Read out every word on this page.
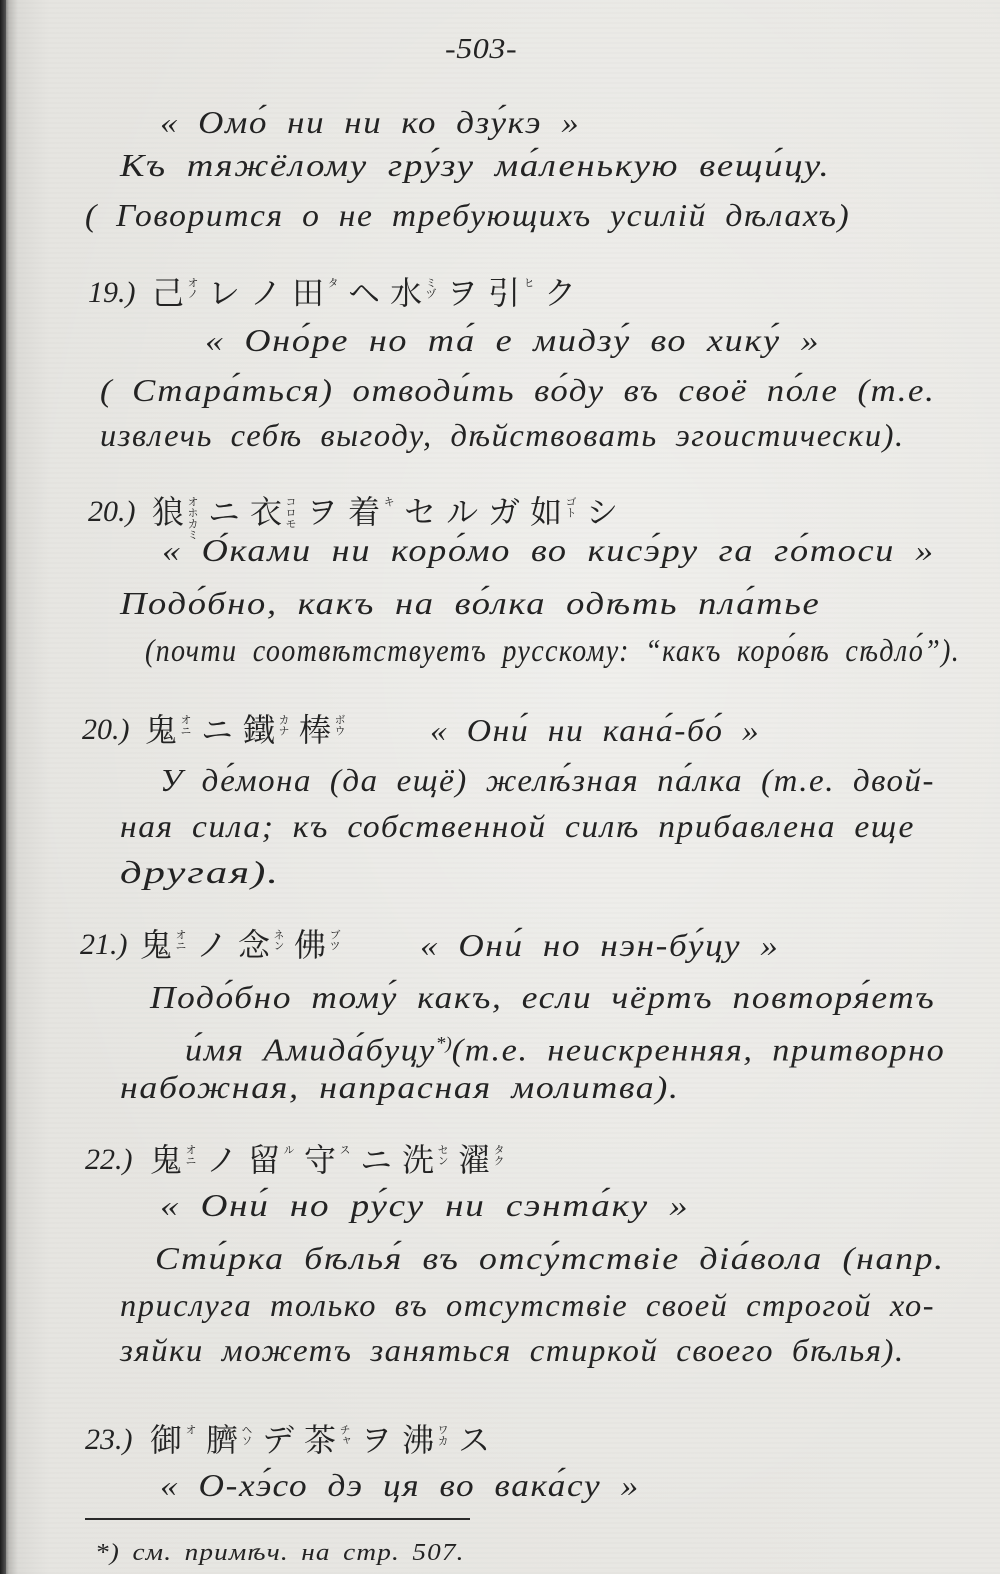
-503-
« Омо́ ни ни ко дзу́кэ »
Къ тяжёлому гру́зу ма́ленькую вещи́цу.
( Говорится о не требующихъ усилій дѣлахъ)
19.) 己 オノ レ ノ 田 タ ヘ 水 ミヅ ヲ 引 ヒ ク
« Оно́ре но та́ е мидзу́ во хику́ »
( Стара́ться) отводи́ть во́ду въ своё по́ле (т.е.
извлечь себѣ выгоду, дѣйствовать эгоистически).
20.) 狼 オホカミ ニ 衣 コロモ ヲ 着 キ セ ル ガ 如 ゴト シ
« О́ками ни коро́мо во кисэ́ру га го́тоси »
Подо́бно, какъ на во́лка одѣть пла́тье
(почти соотвѣтствуетъ русскому: “какъ коро́вѣ сѣдло́”).
20.) 鬼 オニ ニ 鐵 カナ 棒 ボウ	« Они́ ни кана́-бо́ »
У де́мона (да ещё) желѣ́зная па́лка (т.е. двой-
ная сила; къ собственной силѣ прибавлена еще
другая).
21.) 鬼 オニ ノ 念 ネン 佛 ブツ « Они́ но нэн-бу́цу »
Подо́бно тому́ какъ, если чёртъ повторя́етъ
и́мя Амида́буцу*)(т.е. неискренняя, притворно
набожная, напрасная молитва).
22.) 鬼 オニ ノ 留 ル 守 ス ニ 洗 セン 濯 タク
« Они́ но ру́су ни сэнта́ку »
Сти́рка бѣлья́ въ отсу́тствіе діа́вола (напр.
прислуга только въ отсутствіе своей строгой хо-
зяйки можетъ заняться стиркой своего бѣлья).
23.) 御 オ 臍 ヘソ デ 茶 チャ ヲ 沸 ワカ ス
« О-хэ́со дэ ця во вака́су »
*) см. примѣч. на стр. 507.
